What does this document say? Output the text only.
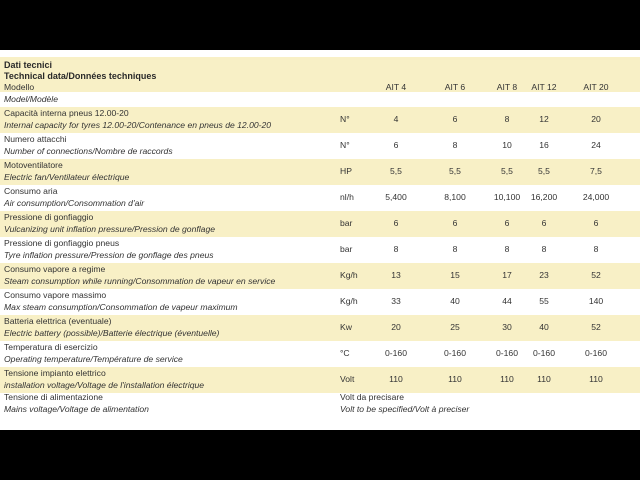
Dati tecnici
Technical data/Données techniques
Modello
Model/Modèle
AIT 4	AIT 6	AIT 8	AIT 12	AIT 20
Capacità interna pneus 12.00-20
Internal capacity for tyres 12.00-20/Contenance en pneus de 12.00-20
N°	4	6	8	12	20
Numero attacchi
Number of connections/Nombre de raccords
N°	6	8	10	16	24
Motoventilatore
Electric fan/Ventilateur électrique
HP	5,5	5,5	5,5	5,5	7,5
Consumo aria
Air consumption/Consommation d'air
nl/h	5,400	8,100	10,100	16,200	24,000
Pressione di gonfiaggio
Vulcanizing unit inflation pressure/Pression de gonflage
bar	6	6	6	6	6
Pressione di gonfiaggio pneus
Tyre inflation pressure/Pression de gonflage des pneus
bar	8	8	8	8	8
Consumo vapore a regime
Steam consumption while running/Consommation de vapeur en service
Kg/h	13	15	17	23	52
Consumo vapore massimo
Max steam consumption/Consommation de vapeur maximum
Kg/h	33	40	44	55	140
Batteria elettrica (eventuale)
Electric battery (possible)/Batterie électrique (éventuelle)
Kw	20	25	30	40	52
Temperatura di esercizio
Operating temperature/Température de service
°C	0-160	0-160	0-160	0-160	0-160
Tensione impianto elettrico
installation voltage/Voltage de l'installation électrique
Volt	110	110	110	110	110
Tensione di alimentazione
Mains voltage/Voltage de alimentation
Volt da precisare
Volt to be specified/Volt à preciser
